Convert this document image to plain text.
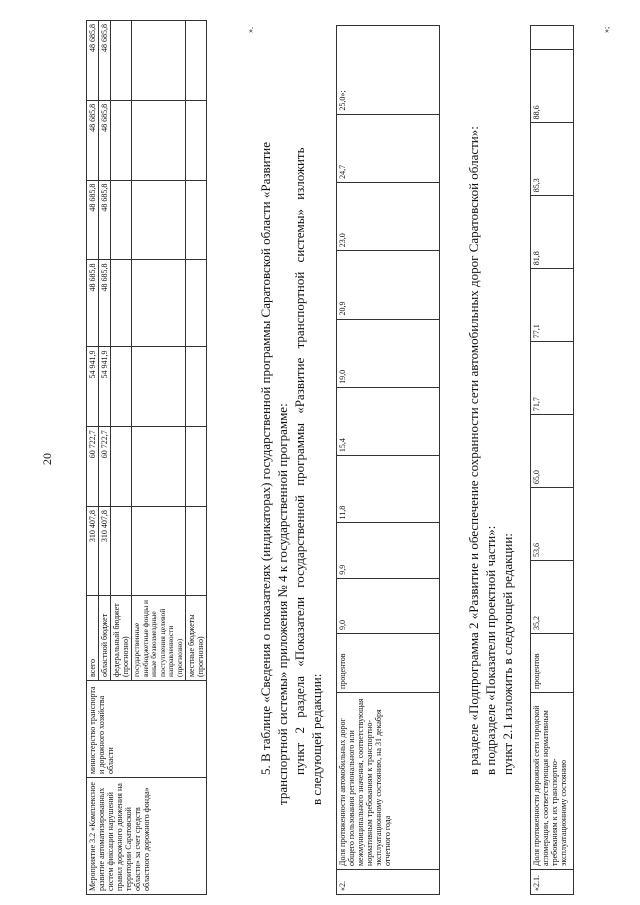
20
Мероприятие 3.2 «Комплексное развитие автоматизированных систем фиксации нарушений правил дорожного движения на территории Саратовской области» за счет средств областного дорожного фонда»	министерство транспорта и дорожного хозяйства области	всего	310 407,8	60 722,7	54 941,9	48 685,8	48 685,8	48 685,8	48 685,8
		областной бюджет	310 407,8	60 722,7	54 941,9	48 685,8	48 685,8	48 685,8	48 685,8
		федеральный бюджет (прогнозно)							
		государственные внебюджетные фонды и иные безвозмездные поступления целевой направленности (прогнозно)							
		местные бюджеты (прогнозно)							
».
5. В таблице «Сведения о показателях (индикаторах) государственной программы Саратовской области «Развитие транспортной системы» приложения № 4 к государственной программе: пункт 2 раздела «Показатели государственной программы «Развитие транспортной системы» изложить в следующей редакции:
«2.	Доля протяженности автомобильных дорог общего пользования регионального или межмуниципального значения, соответствующая нормативным требованиям к транспортно-эксплуатационному состоянию, на 31 декабря отчетного года	процентов	9,0	9,9	11,8	15,4	19,0	20,9	23,0	24,7	25,0»;
в разделе «Подпрограмма 2 «Развитие и обеспечение сохранности сети автомобильных дорог Саратовской области»: в подразделе «Показатели проектной части»: пункт 2.1 изложить в следующей редакции:
«2.1.	Доля протяженности дорожной сети городской агломерации, соответствующая нормативным требованиям к их транспортно-эксплуатационному состоянию	процентов	35,2	53,6	65,0	71,7	77,1	81,8	85,3	88,6	
»;
